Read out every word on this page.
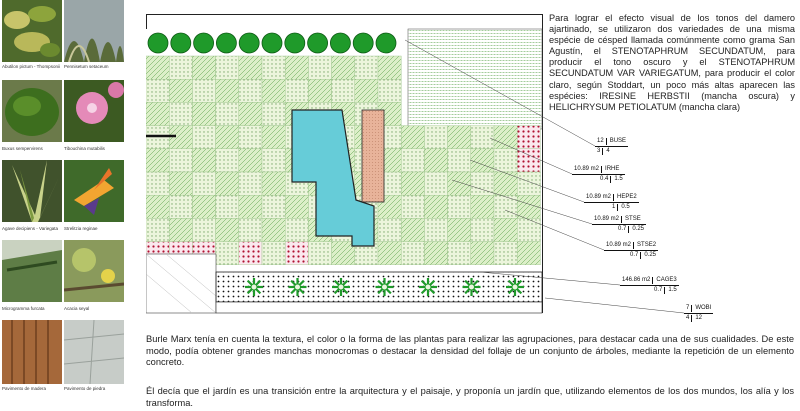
Abutilon pictum - Thompsonii Pennisetum setaceum
Buxus sempervirens	Tibouchina mutabilis
Agave decipiens - Variegata	Strelitzia reginae
Microgramma furcata	Acacia seyal
Pavimento de madera	Pavimento de piedra

Para lograr el efecto visual de los tonos del damero ajartinado, se utilizaron dos variedades de una misma espécie de césped llamada comúnmente como grama San Agustín, el STENOTAPHRUM SECUNDATUM, para producir el tono oscuro y el STENOTAPHRUM SECUNDATUM VAR VARIEGATUM, para producir el color claro, según Stoddart, un poco más altas aparecen las espécies: IRESINE HERBSTII (mancha oscura) y HELICHRYSUM PETIOLATUM (mancha clara)

12 BUSE
3 4
10.89 m2 IRHE
0.4 1.5
10.89 m2 HEPE2
1 0.5
10.89 m2 STSE
0.7 0.25
10.89 m2 STSE2
0.7 0.25
146.86 m2 CAGE3
0.7 1.5
7 WOBI
4 12

Burle Marx tenía en cuenta la textura, el color o la forma de las plantas para realizar las agrupaciones, para destacar cada una de sus cualidades. De este modo, podía obtener grandes manchas monocromas o destacar la densidad del follaje de un conjunto de árboles, mediante la repetición de un elemento concreto.

Él decía que el jardín es una transición entre la arquitectura y el paisaje, y proponía un jardín que, utilizando elementos de los dos mundos, los alía y los transforma.
